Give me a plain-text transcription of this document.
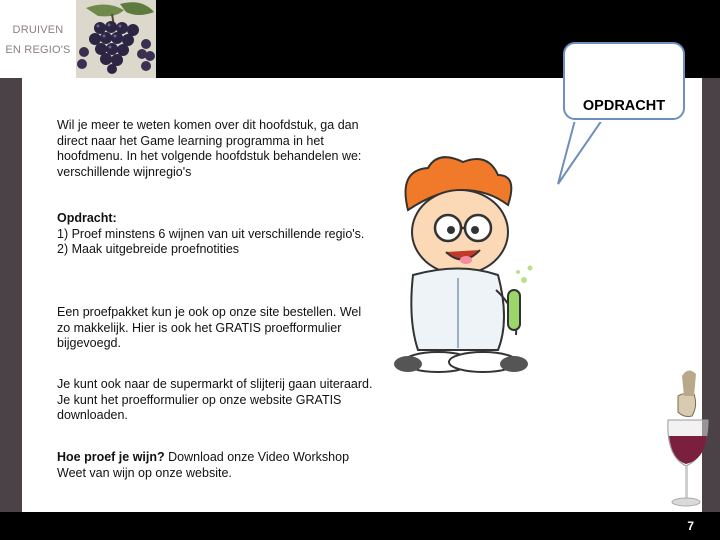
DRUIVEN
EN REGIO'S
Wil je meer te weten komen over dit hoofdstuk, ga dan direct naar het Game learning programma in het hoofdmenu. In het volgende hoofdstuk behandelen we: verschillende wijnregio's
Opdracht:
1) Proef minstens 6 wijnen van uit verschillende regio's.
2) Maak uitgebreide proefnotities
Een proefpakket kun je ook op onze site bestellen. Wel zo makkelijk. Hier is ook het GRATIS proefformulier bijgevoegd.
Je kunt ook naar de supermarkt of slijterij gaan uiteraard. Je kunt het proefformulier op onze website GRATIS downloaden.
Hoe proef je wijn? Download onze Video Workshop Weet van wijn op onze website.
OPDRACHT
7
